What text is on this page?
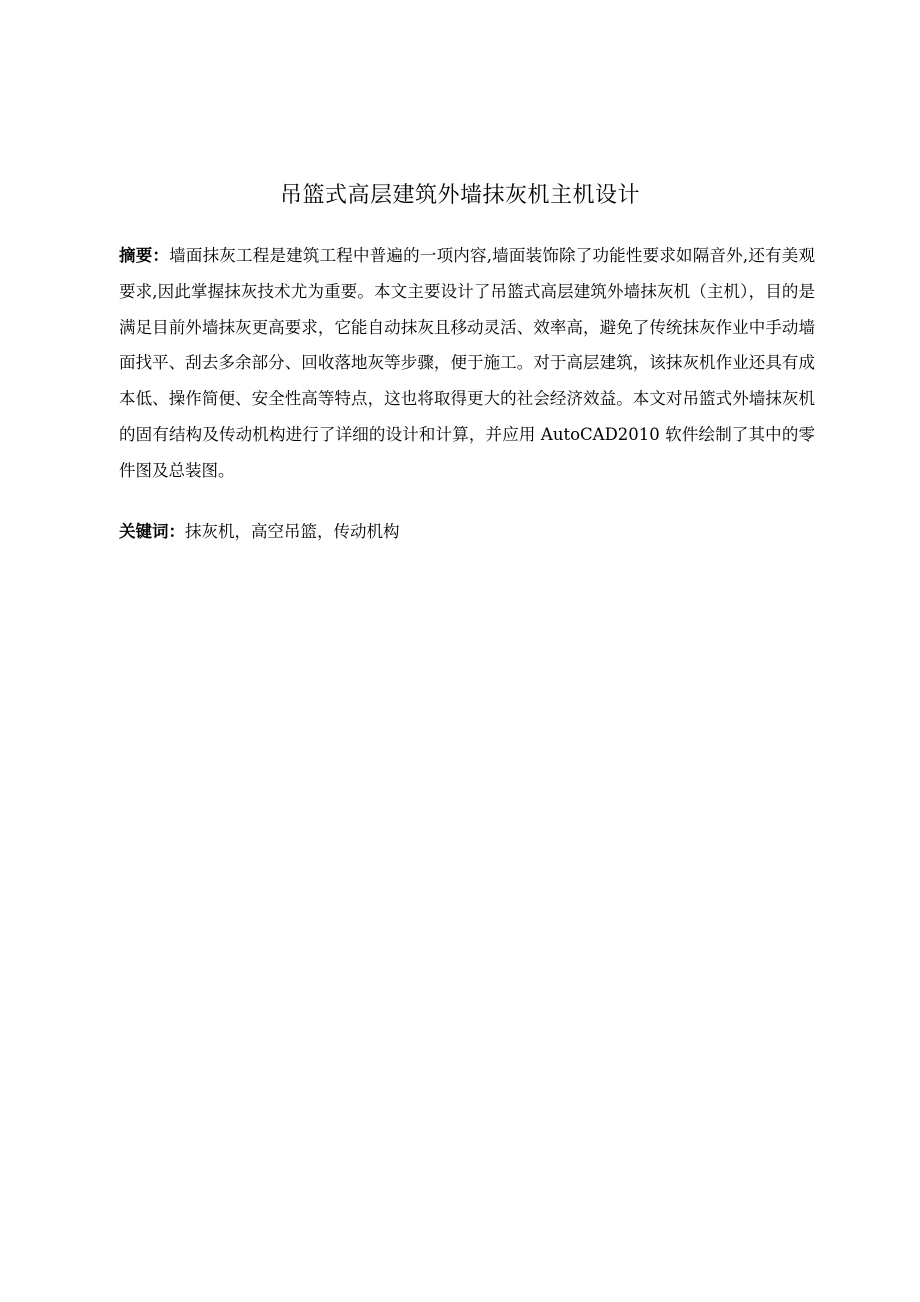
吊篮式高层建筑外墙抹灰机主机设计
摘要：墙面抹灰工程是建筑工程中普遍的一项内容,墙面装饰除了功能性要求如隔音外,还有美观要求,因此掌握抹灰技术尤为重要。本文主要设计了吊篮式高层建筑外墙抹灰机（主机），目的是满足目前外墙抹灰更高要求，它能自动抹灰且移动灵活、效率高，避免了传统抹灰作业中手动墙面找平、刮去多余部分、回收落地灰等步骤，便于施工。对于高层建筑，该抹灰机作业还具有成本低、操作简便、安全性高等特点，这也将取得更大的社会经济效益。本文对吊篮式外墙抹灰机的固有结构及传动机构进行了详细的设计和计算，并应用 AutoCAD2010 软件绘制了其中的零件图及总装图。
关键词：抹灰机，高空吊篮，传动机构
